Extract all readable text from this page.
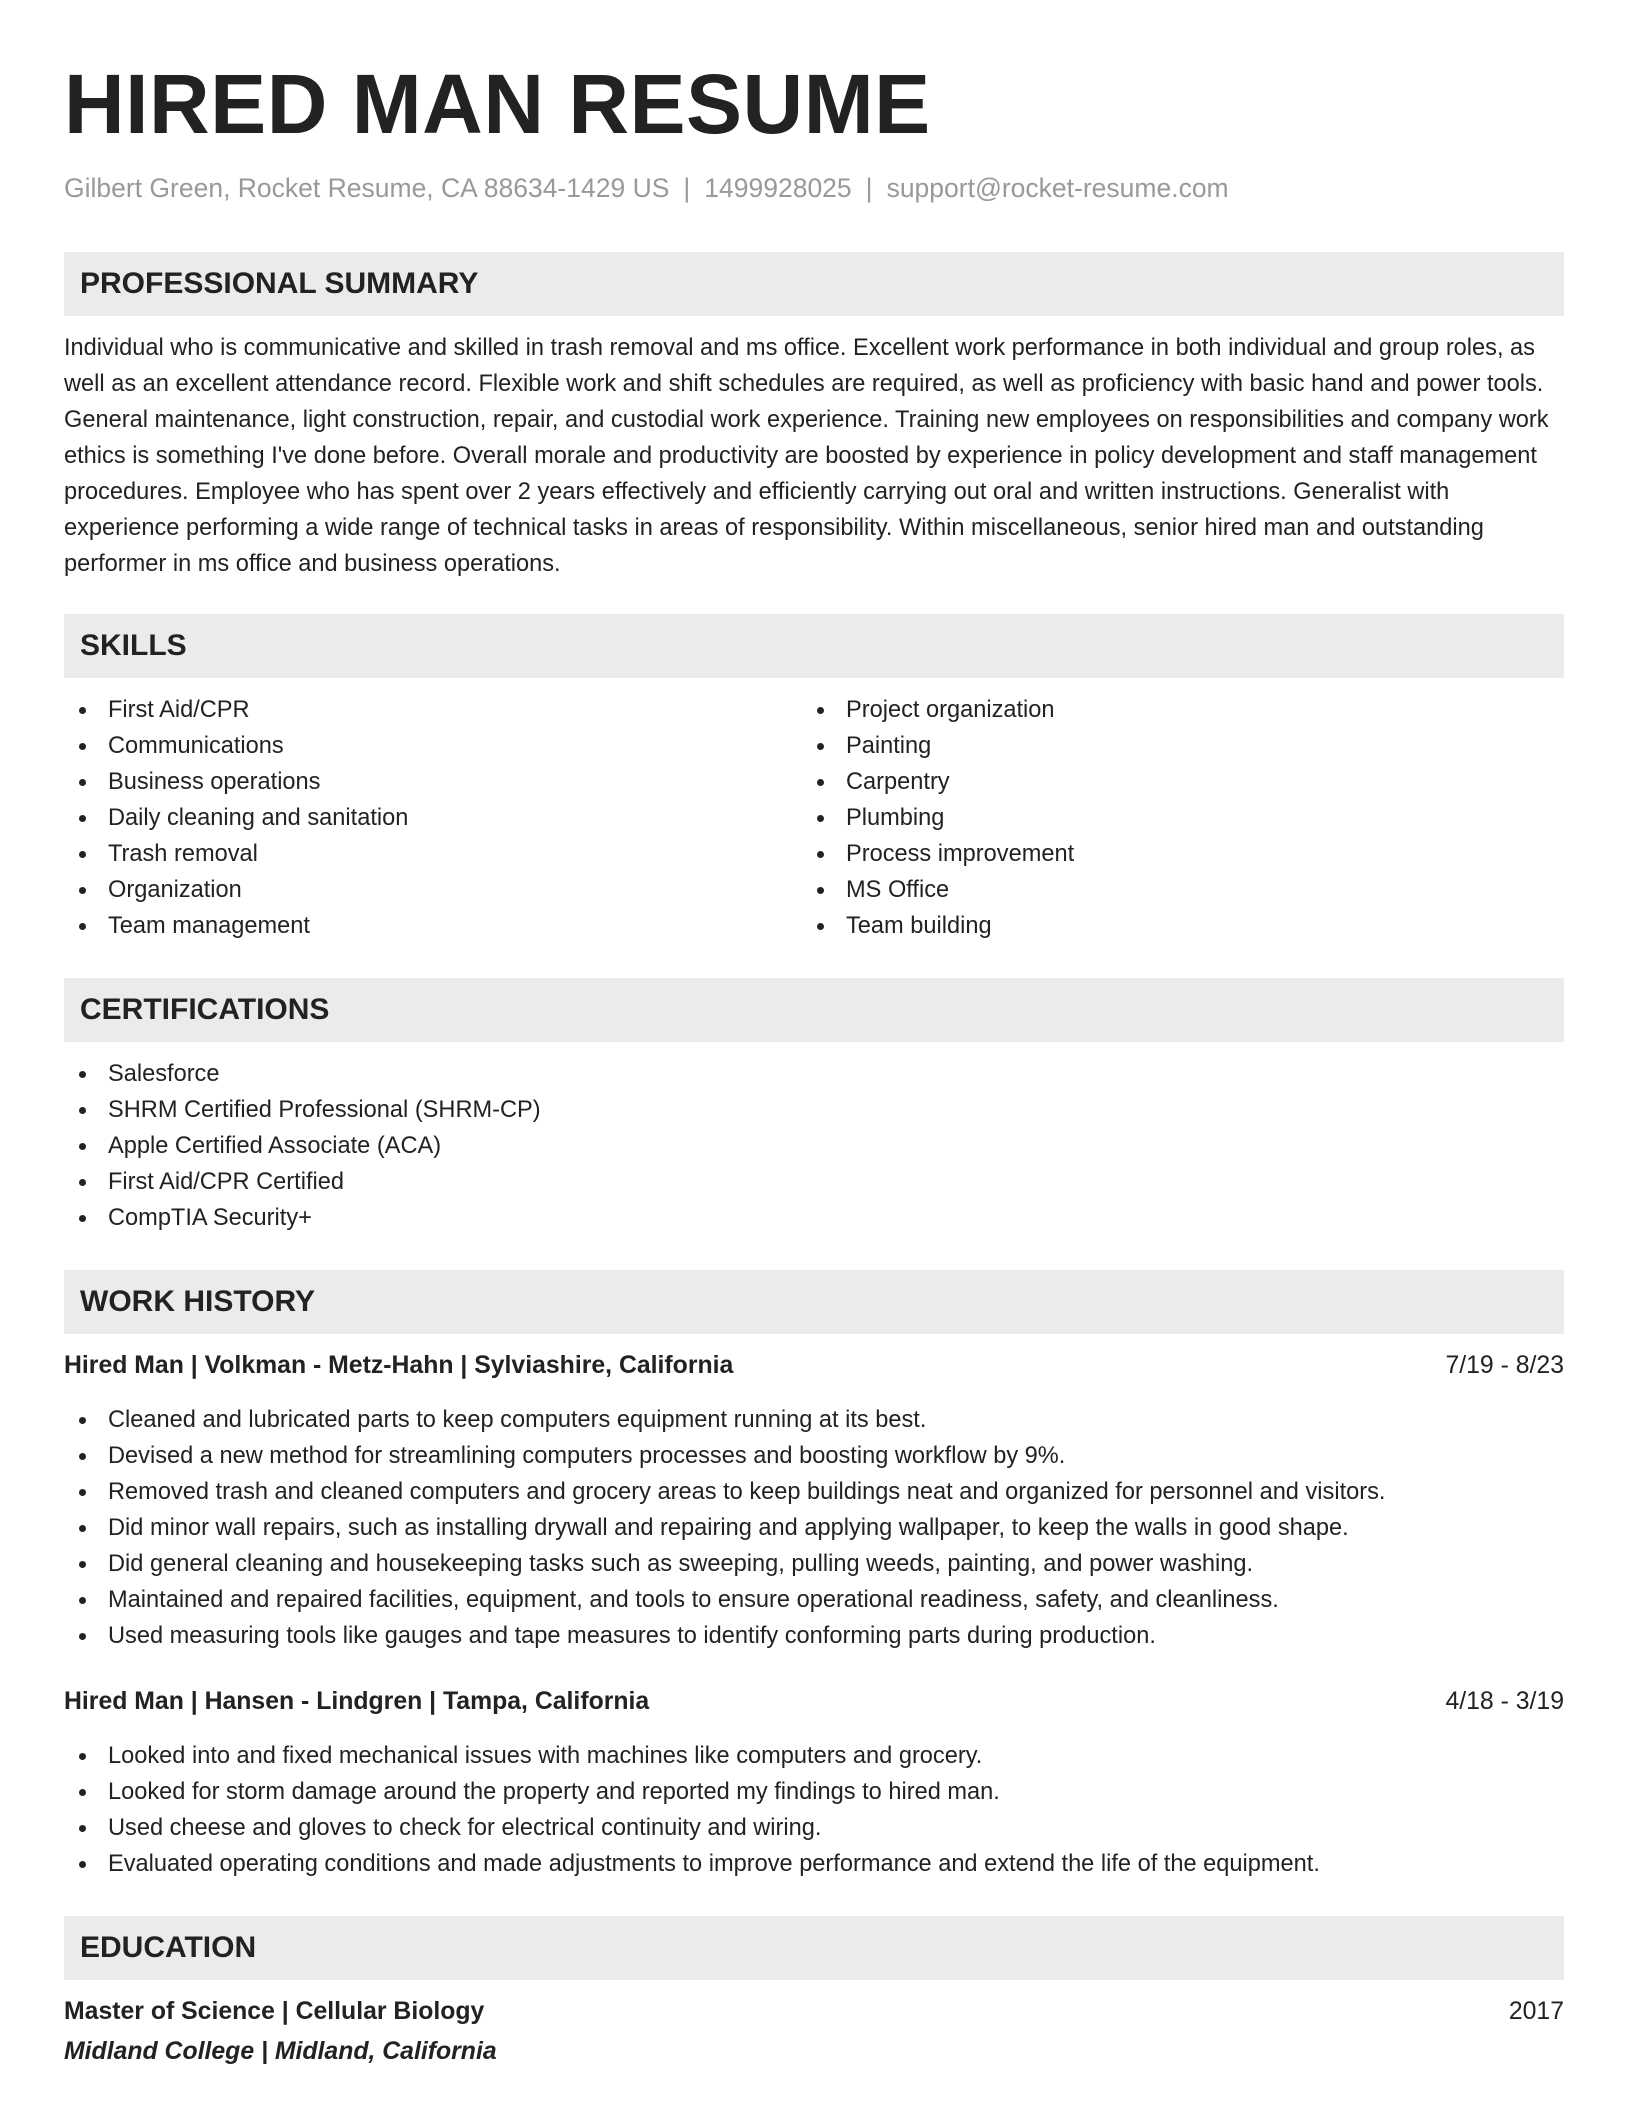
HIRED MAN RESUME
Gilbert Green, Rocket Resume, CA 88634-1429 US | 1499928025 | support@rocket-resume.com
PROFESSIONAL SUMMARY

Individual who is communicative and skilled in trash removal and ms office. Excellent work performance in both individual and group roles, as well as an excellent attendance record. Flexible work and shift schedules are required, as well as proficiency with basic hand and power tools. General maintenance, light construction, repair, and custodial work experience. Training new employees on responsibilities and company work ethics is something I've done before. Overall morale and productivity are boosted by experience in policy development and staff management procedures. Employee who has spent over 2 years effectively and efficiently carrying out oral and written instructions. Generalist with experience performing a wide range of technical tasks in areas of responsibility. Within miscellaneous, senior hired man and outstanding performer in ms office and business operations.

SKILLS
First Aid/CPR
Communications
Business operations
Daily cleaning and sanitation
Trash removal
Organization
Team management
Project organization
Painting
Carpentry
Plumbing
Process improvement
MS Office
Team building
CERTIFICATIONS
Salesforce
SHRM Certified Professional (SHRM-CP)
Apple Certified Associate (ACA)
First Aid/CPR Certified
CompTIA Security+
WORK HISTORY
Hired Man | Volkman - Metz-Hahn | Sylviashire, California	7/19 - 8/23
Cleaned and lubricated parts to keep computers equipment running at its best.
Devised a new method for streamlining computers processes and boosting workflow by 9%.
Removed trash and cleaned computers and grocery areas to keep buildings neat and organized for personnel and visitors.
Did minor wall repairs, such as installing drywall and repairing and applying wallpaper, to keep the walls in good shape.
Did general cleaning and housekeeping tasks such as sweeping, pulling weeds, painting, and power washing.
Maintained and repaired facilities, equipment, and tools to ensure operational readiness, safety, and cleanliness.
Used measuring tools like gauges and tape measures to identify conforming parts during production.
Hired Man | Hansen - Lindgren | Tampa, California	4/18 - 3/19
Looked into and fixed mechanical issues with machines like computers and grocery.
Looked for storm damage around the property and reported my findings to hired man.
Used cheese and gloves to check for electrical continuity and wiring.
Evaluated operating conditions and made adjustments to improve performance and extend the life of the equipment.
EDUCATION
Master of Science | Cellular Biology	2017
Midland College | Midland, California
